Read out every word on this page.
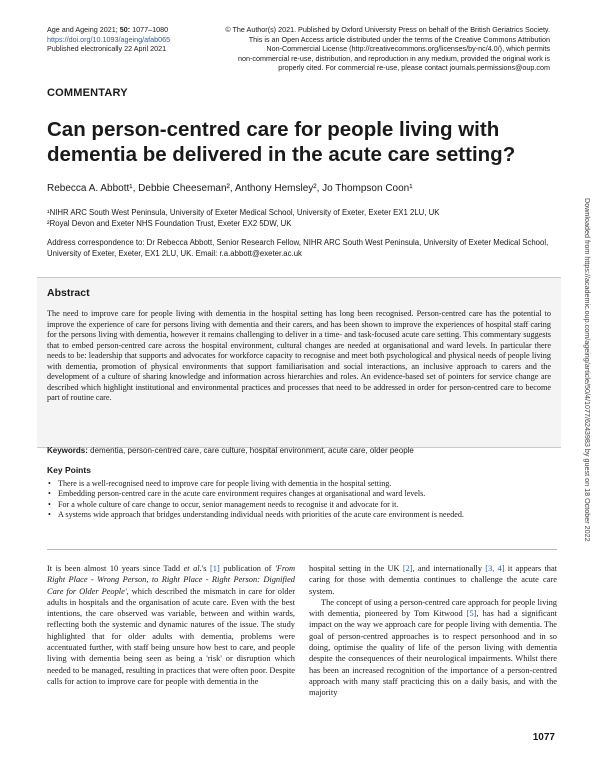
Age and Ageing 2021; 50: 1077–1080
https://doi.org/10.1093/ageing/afab065
Published electronically 22 April 2021
© The Author(s) 2021. Published by Oxford University Press on behalf of the British Geriatrics Society.
This is an Open Access article distributed under the terms of the Creative Commons Attribution
Non-Commercial License (http://creativecommons.org/licenses/by-nc/4.0/), which permits
non-commercial re-use, distribution, and reproduction in any medium, provided the original work is
properly cited. For commercial re-use, please contact journals.permissions@oup.com
COMMENTARY
Can person-centred care for people living with dementia be delivered in the acute care setting?
Rebecca A. Abbott¹, Debbie Cheeseman², Anthony Hemsley², Jo Thompson Coon¹
¹NIHR ARC South West Peninsula, University of Exeter Medical School, University of Exeter, Exeter EX1 2LU, UK
²Royal Devon and Exeter NHS Foundation Trust, Exeter EX2 5DW, UK
Address correspondence to: Dr Rebecca Abbott, Senior Research Fellow, NIHR ARC South West Peninsula, University of Exeter Medical School, University of Exeter, Exeter, EX1 2LU, UK. Email: r.a.abbott@exeter.ac.uk
Abstract

The need to improve care for people living with dementia in the hospital setting has long been recognised. Person-centred care has the potential to improve the experience of care for persons living with dementia and their carers, and has been shown to improve the experiences of hospital staff caring for the persons living with dementia, however it remains challenging to deliver in a time- and task-focused acute care setting. This commentary suggests that to embed person-centred care across the hospital environment, cultural changes are needed at organisational and ward levels. In particular there needs to be: leadership that supports and advocates for workforce capacity to recognise and meet both psychological and physical needs of people living with dementia, promotion of physical environments that support familiarisation and social interactions, an inclusive approach to carers and the development of a culture of sharing knowledge and information across hierarchies and roles. An evidence-based set of pointers for service change are described which highlight institutional and environmental practices and processes that need to be addressed in order for person-centred care to become part of routine care.

Keywords: dementia, person-centred care, care culture, hospital environment, acute care, older people
Key Points
• There is a well-recognised need to improve care for people living with dementia in the hospital setting.
• Embedding person-centred care in the acute care environment requires changes at organisational and ward levels.
• For a whole culture of care change to occur, senior management needs to recognise it and advocate for it.
• A systems wide approach that bridges understanding individual needs with priorities of the acute care environment is needed.

It is been almost 10 years since Tadd et al.'s [1] publication of 'From Right Place - Wrong Person, to Right Place - Right Person: Dignified Care for Older People', which described the mismatch in care for older adults in hospitals and the organisation of acute care. Even with the best intentions, the care observed was variable, between and within wards, reflecting both the systemic and dynamic natures of the issue. The study highlighted that for older adults with dementia, problems were accentuated further, with staff being unsure how best to care, and people living with dementia being seen as being a 'risk' or disruption which needed to be managed, resulting in practices that were often poor. Despite calls for action to improve care for people with dementia in the

hospital setting in the UK [2], and internationally [3, 4] it appears that caring for those with dementia continues to challenge the acute care system.

The concept of using a person-centred care approach for people living with dementia, pioneered by Tom Kitwood [5], has had a significant impact on the way we approach care for people living with dementia. The goal of person-centred approaches is to respect personhood and in so doing, optimise the quality of life of the person living with dementia despite the consequences of their neurological impairments. Whilst there has been an increased recognition of the importance of a person-centred approach with many staff practicing this on a daily basis, and with the majority

1077
Downloaded from https://academic.oup.com/ageing/article/50/4/1077/6243983 by guest on 18 October 2022
